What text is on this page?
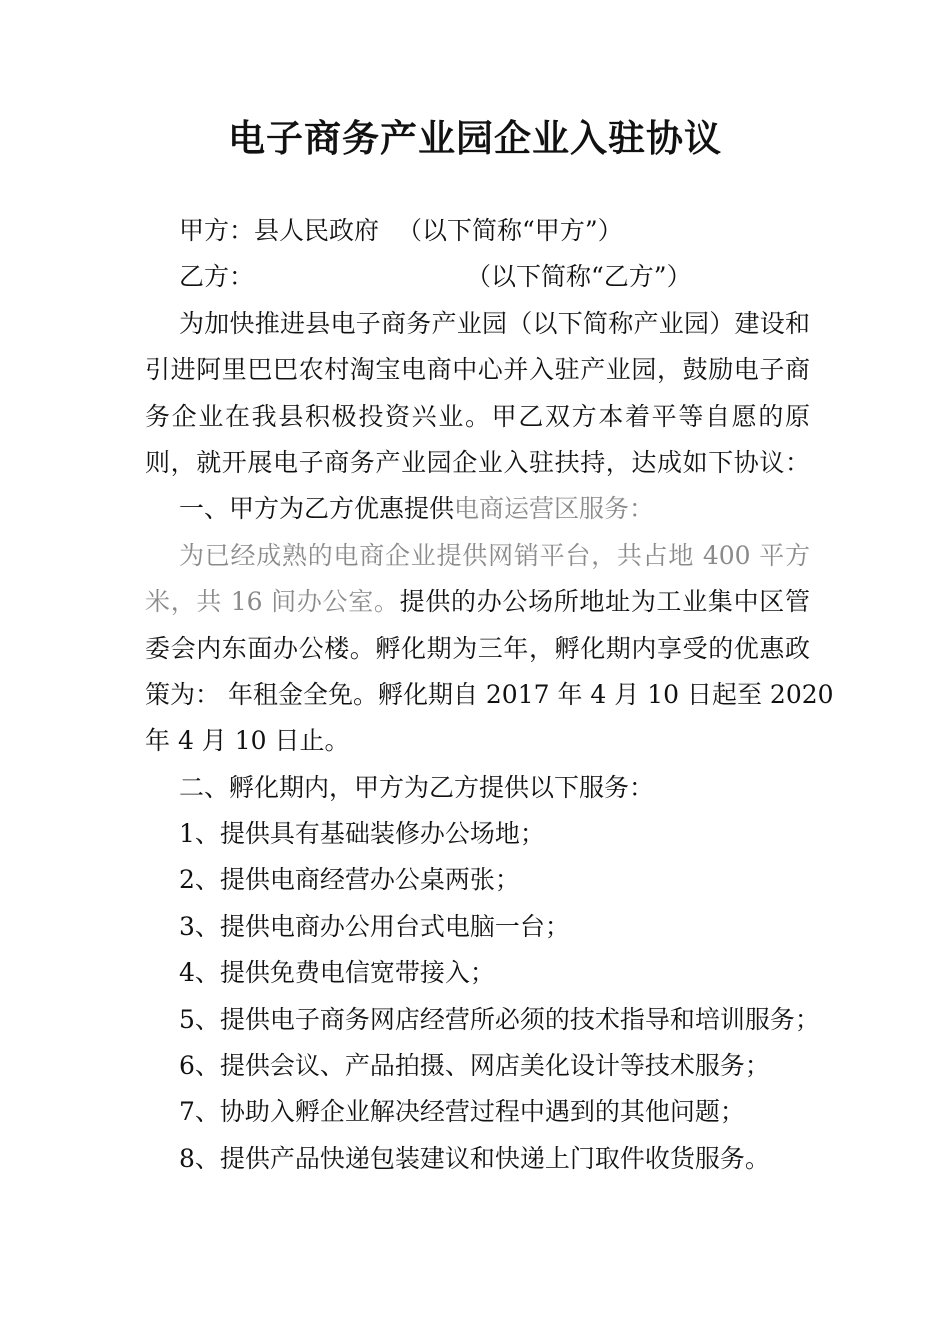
电子商务产业园企业入驻协议
甲方：县人民政府 （以下简称“甲方”）
乙方：	（以下简称“乙方”）
为加快推进县电子商务产业园（以下简称产业园）建设和
引进阿里巴巴农村淘宝电商中心并入驻产业园，鼓励电子商
务企业在我县积极投资兴业。甲乙双方本着平等自愿的原
则，就开展电子商务产业园企业入驻扶持，达成如下协议：
一、甲方为乙方优惠提供电商运营区服务：
为已经成熟的电商企业提供网销平台，共占地 400 平方
米，共 16 间办公室。提供的办公场所地址为工业集中区管
委会内东面办公楼。孵化期为三年，孵化期内享受的优惠政
策为： 年租金全免。孵化期自 2017 年 4 月 10 日起至 2020
年 4 月 10 日止。
二、孵化期内，甲方为乙方提供以下服务：
1、提供具有基础装修办公场地；
2、提供电商经营办公桌两张；
3、提供电商办公用台式电脑一台；
4、提供免费电信宽带接入；
5、提供电子商务网店经营所必须的技术指导和培训服务；
6、提供会议、产品拍摄、网店美化设计等技术服务；
7、协助入孵企业解决经营过程中遇到的其他问题；
8、提供产品快递包装建议和快递上门取件收货服务。
